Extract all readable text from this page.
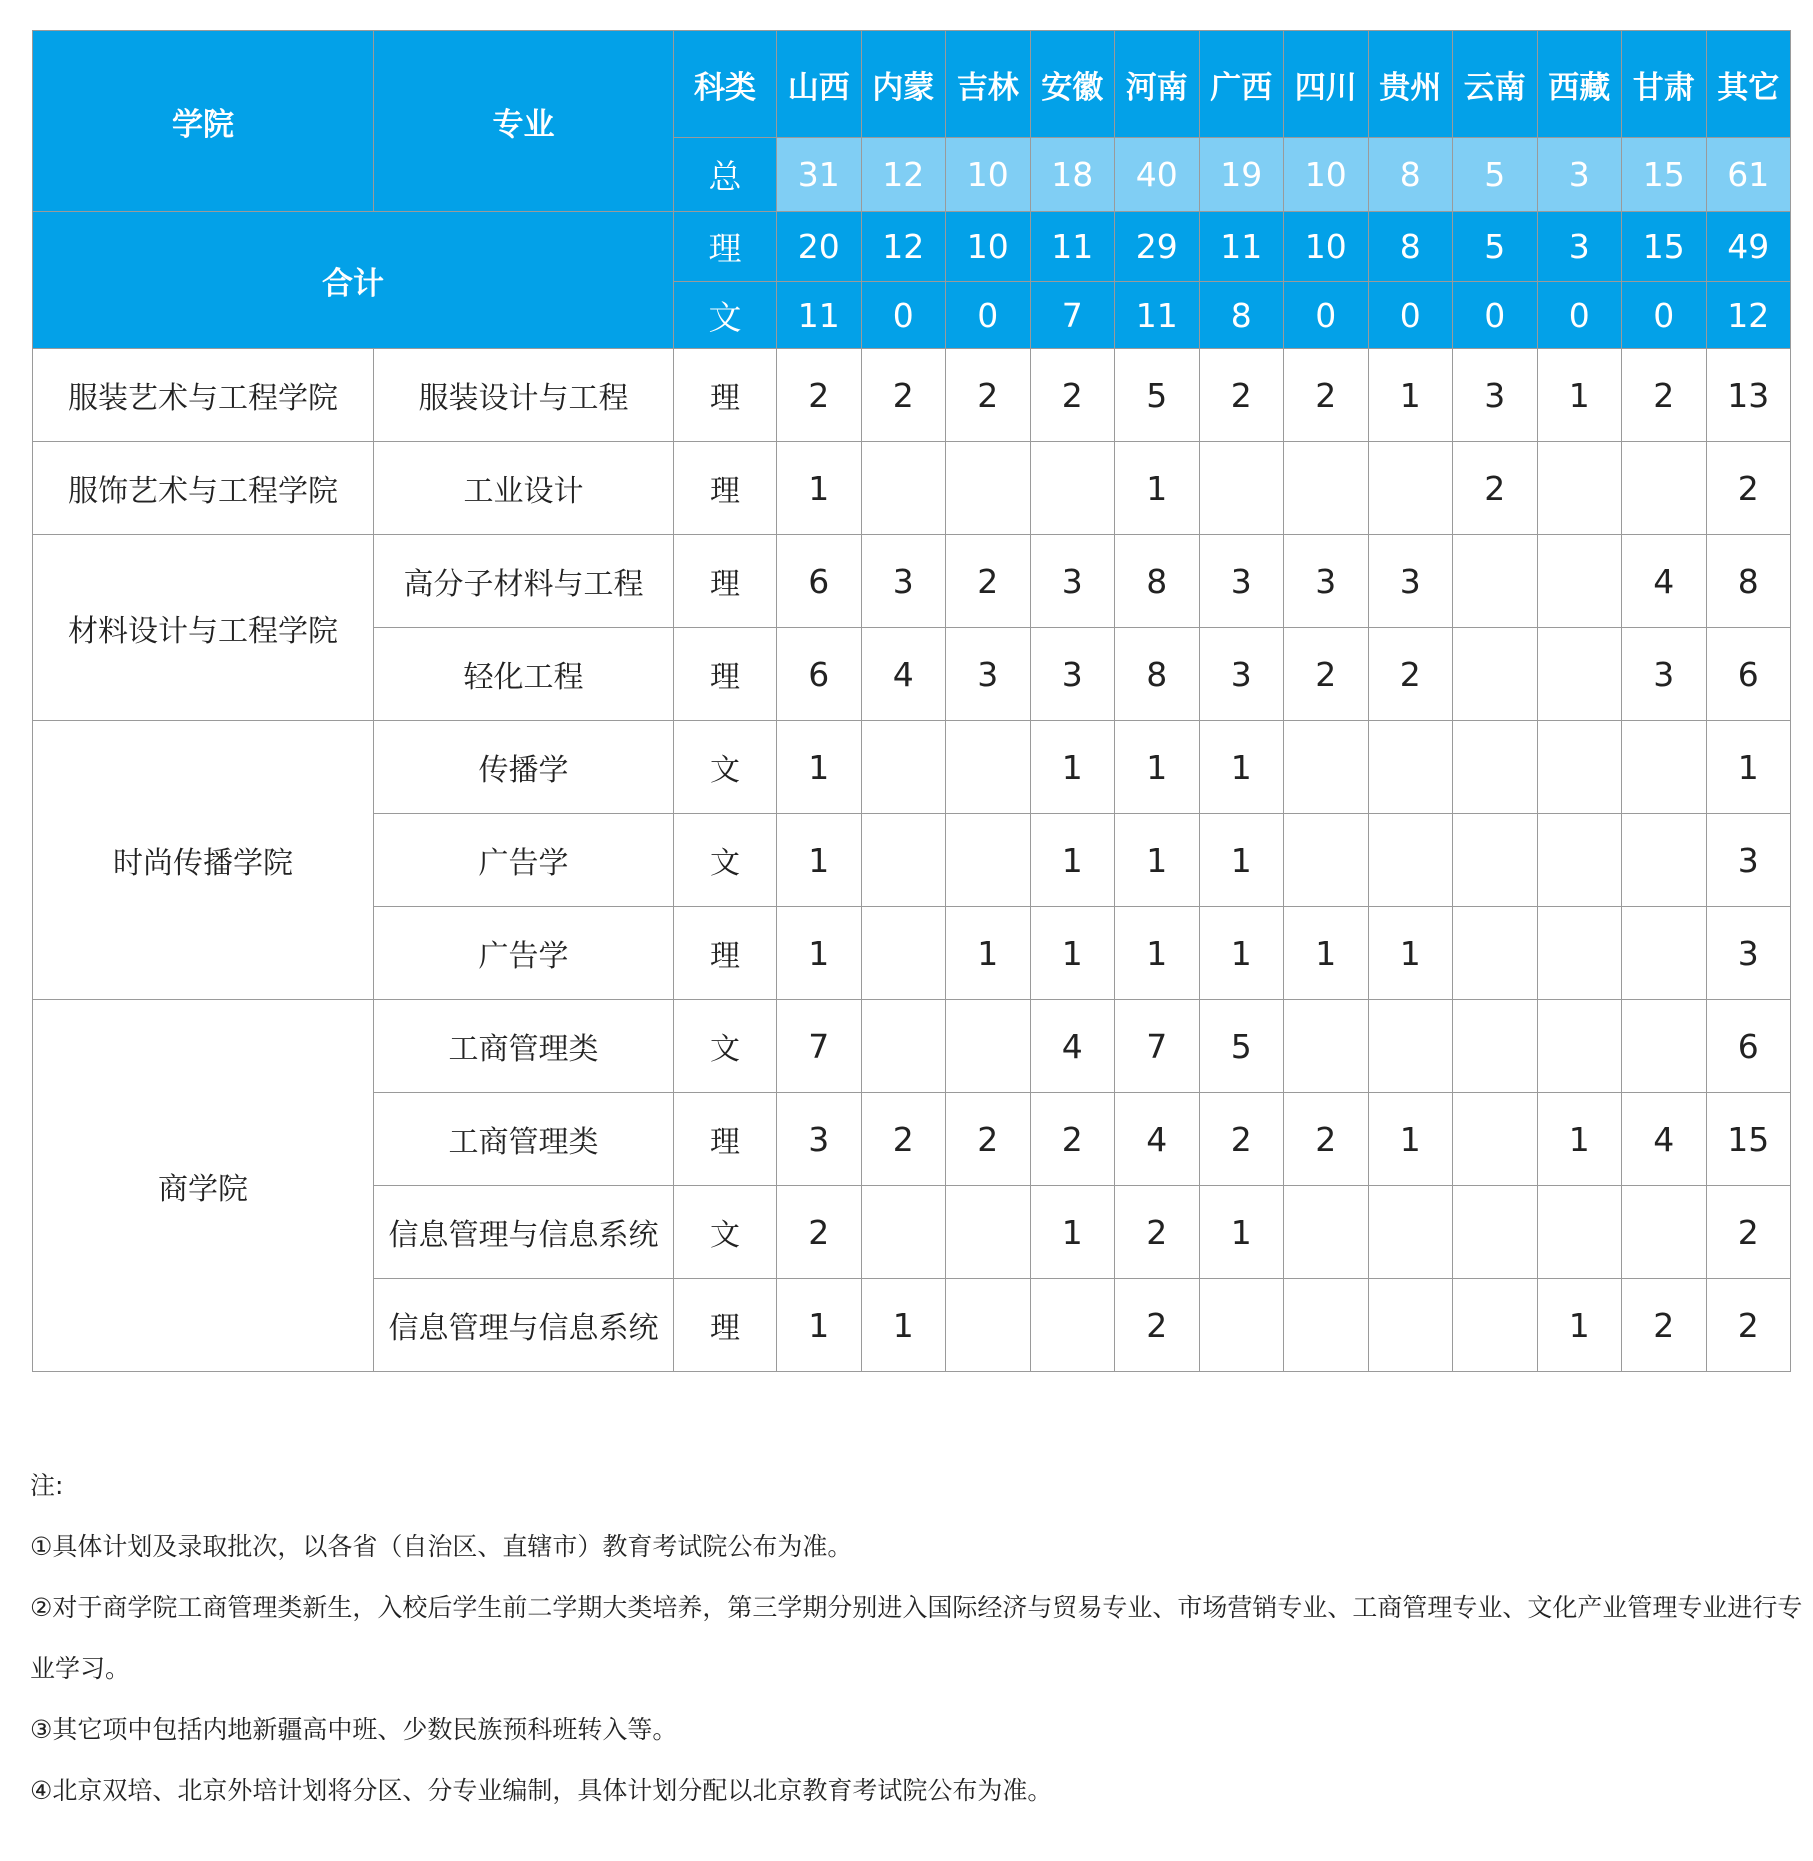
学院	专业	科类	山西	内蒙	吉林	安徽	河南	广西	四川	贵州	云南	西藏	甘肃	其它
		总	31	12	10	18	40	19	10	8	5	3	15	61
合计		理	20	12	10	11	29	11	10	8	5	3	15	49
		文	11	0	0	7	11	8	0	0	0	0	0	12
服装艺术与工程学院	服装设计与工程	理	2	2	2	2	5	2	2	1	3	1	2	13
服饰艺术与工程学院	工业设计	理	1				1				2			2
材料设计与工程学院	高分子材料与工程	理	6	3	2	3	8	3	3	3			4	8
	轻化工程	理	6	4	3	3	8	3	2	2			3	6
时尚传播学院	传播学	文	1			1	1	1						1
	广告学	文	1			1	1	1						3
	广告学	理	1		1	1	1	1	1	1				3
商学院	工商管理类	文	7			4	7	5						6
	工商管理类	理	3	2	2	2	4	2	2	1		1	4	15
	信息管理与信息系统	文	2			1	2	1						2
	信息管理与信息系统	理	1	1			2					1	2	2

注:

①具体计划及录取批次，以各省（自治区、直辖市）教育考试院公布为准。

②对于商学院工商管理类新生，入校后学生前二学期大类培养，第三学期分别进入国际经济与贸易专业、市场营销专业、工商管理专业、文化产业管理专业进行专业学习。

③其它项中包括内地新疆高中班、少数民族预科班转入等。

④北京双培、北京外培计划将分区、分专业编制，具体计划分配以北京教育考试院公布为准。
